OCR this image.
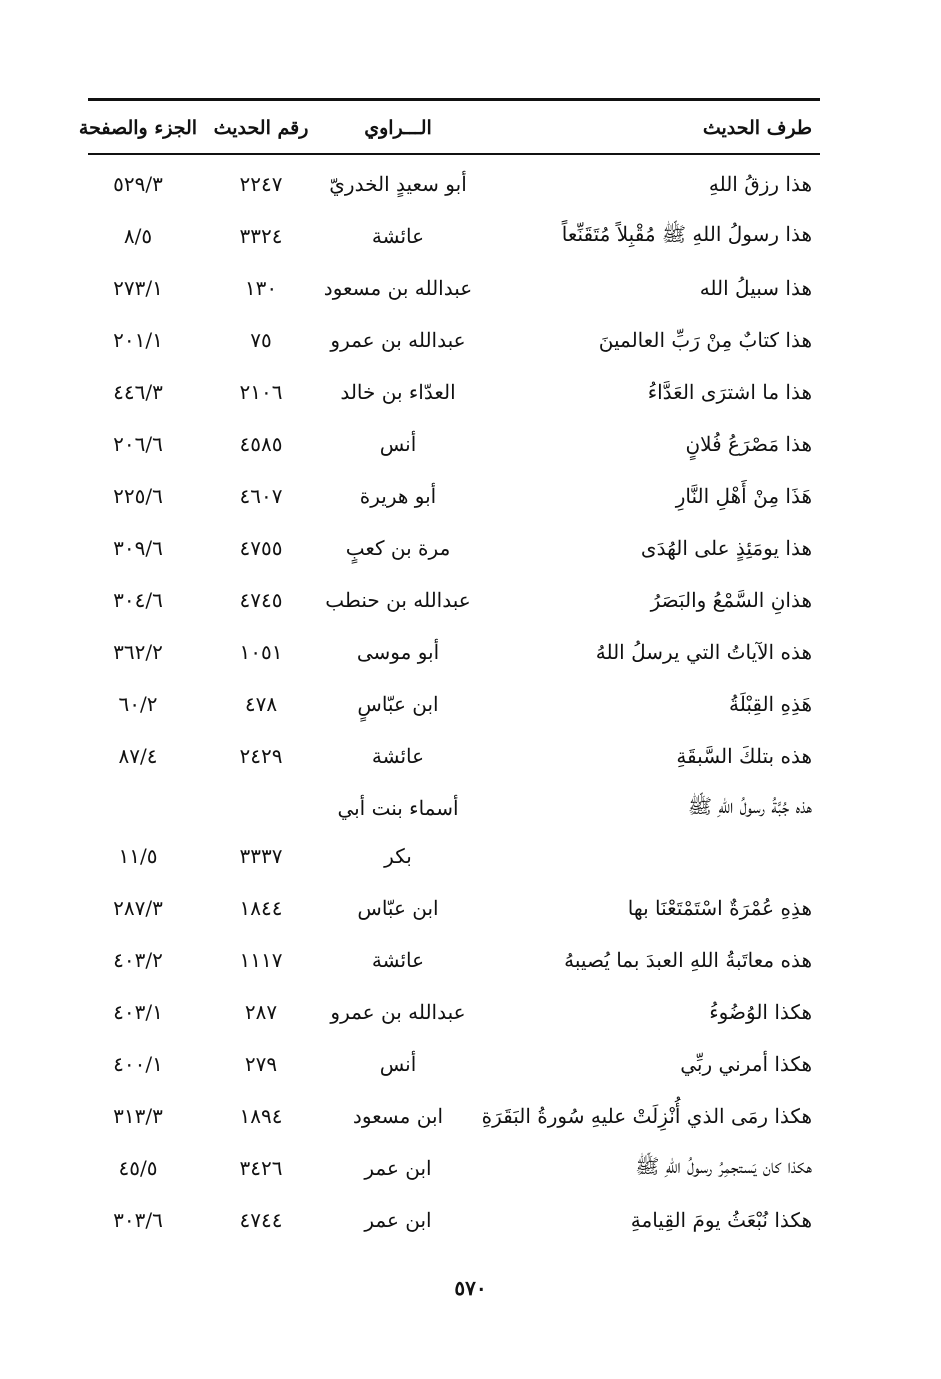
طرف الحديث
الـــراوي
رقم الحديث
الجزء والصفحة
هذا رزقُ اللهِ
أبو سعيدٍ الخدريّ
٢٢٤٧
٥٢٩/٣
هذا رسولُ اللهِ ﷺ مُقْبِلاً مُتَقَنِّعاً
عائشة
٣٣٢٤
٨/٥
هذا سبيلُ الله
عبدالله بن مسعود
١٣٠
٢٧٣/١
هذا كتابٌ مِنْ رَبِّ العالمينَ
عبدالله بن عمرو
٧٥
٢٠١/١
هذا ما اشترَى العَدَّاءُ
العدّاء بن خالد
٢١٠٦
٤٤٦/٣
هذا مَصْرَعُ فُلانٍ
أنس
٤٥٨٥
٢٠٦/٦
هَذَا مِنْ أَهْلِ النَّارِ
أبو هريرة
٤٦٠٧
٢٢٥/٦
هذا يومَئِذٍ على الهُدَى
مرة بن كعبٍ
٤٧٥٥
٣٠٩/٦
هذانِ السَّمْعُ والبَصَرُ
عبدالله بن حنطب
٤٧٤٥
٣٠٤/٦
هذه الآياتُ التي يرسلُ اللهُ
أبو موسى
١٠٥١
٣٦٢/٢
هَذِهِ القِبْلَةُ
ابن عبّاسٍ
٤٧٨
٦٠/٢
هذه بتلكَ السَّبقَةِ
عائشة
٢٤٢٩
٨٧/٤
هذه جُبَّةُ رسولُ اللهِ ﷺ
أسماء بنت أبي
بكر
٣٣٣٧
١١/٥
هذِهِ عُمْرَةٌ اسْتَمْتَعْنَا بها
ابن عبّاس
١٨٤٤
٢٨٧/٣
هذه معاتَبةُ اللهِ العبدَ بما يُصيبهُ
عائشة
١١١٧
٤٠٣/٢
هكذا الوُضُوءُ
عبدالله بن عمرو
٢٨٧
٤٠٣/١
هكذا أمرني ربِّي
أنس
٢٧٩
٤٠٠/١
هكذا رمَى الذي أُنْزِلَتْ عليهِ سُورةُ البَقَرَةِ
ابن مسعود
١٨٩٤
٣١٣/٣
هكذا كان يَستجمِرُ رسولُ اللهِ ﷺ
ابن عمر
٣٤٢٦
٤٥/٥
هكذا نُبْعَثُ يومَ القِيامةِ
ابن عمر
٤٧٤٤
٣٠٣/٦
٥٧٠
